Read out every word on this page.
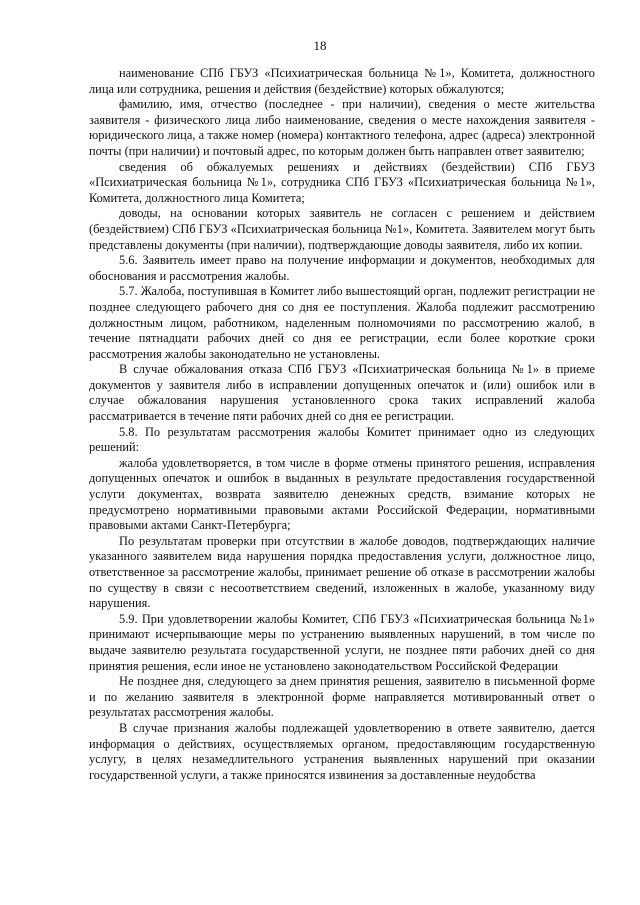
18

наименование СПб ГБУЗ «Психиатрическая больница №1», Комитета, должностного лица или сотрудника, решения и действия (бездействие) которых обжалуются;

фамилию, имя, отчество (последнее - при наличии), сведения о месте жительства заявителя - физического лица либо наименование, сведения о месте нахождения заявителя - юридического лица, а также номер (номера) контактного телефона, адрес (адреса) электронной почты (при наличии) и почтовый адрес, по которым должен быть направлен ответ заявителю;

сведения об обжалуемых решениях и действиях (бездействии) СПб ГБУЗ «Психиатрическая больница №1», сотрудника СПб ГБУЗ «Психиатрическая больница №1», Комитета, должностного лица Комитета;

доводы, на основании которых заявитель не согласен с решением и действием (бездействием) СПб ГБУЗ «Психиатрическая больница №1», Комитета. Заявителем могут быть представлены документы (при наличии), подтверждающие доводы заявителя, либо их копии.

5.6. Заявитель имеет право на получение информации и документов, необходимых для обоснования и рассмотрения жалобы.

5.7. Жалоба, поступившая в Комитет либо вышестоящий орган, подлежит регистрации не позднее следующего рабочего дня со дня ее поступления. Жалоба подлежит рассмотрению должностным лицом, работником, наделенным полномочиями по рассмотрению жалоб, в течение пятнадцати рабочих дней со дня ее регистрации, если более короткие сроки рассмотрения жалобы законодательно не установлены.

В случае обжалования отказа СПб ГБУЗ «Психиатрическая больница №1» в приеме документов у заявителя либо в исправлении допущенных опечаток и (или) ошибок или в случае обжалования нарушения установленного срока таких исправлений жалоба рассматривается в течение пяти рабочих дней со дня ее регистрации.

5.8. По результатам рассмотрения жалобы Комитет принимает одно из следующих решений:

жалоба удовлетворяется, в том числе в форме отмены принятого решения, исправления допущенных опечаток и ошибок в выданных в результате предоставления государственной услуги документах, возврата заявителю денежных средств, взимание которых не предусмотрено нормативными правовыми актами Российской Федерации, нормативными правовыми актами Санкт-Петербурга;

По результатам проверки при отсутствии в жалобе доводов, подтверждающих наличие указанного заявителем вида нарушения порядка предоставления услуги, должностное лицо, ответственное за рассмотрение жалобы, принимает решение об отказе в рассмотрении жалобы по существу в связи с несоответствием сведений, изложенных в жалобе, указанному виду нарушения.

5.9. При удовлетворении жалобы Комитет, СПб ГБУЗ «Психиатрическая больница №1» принимают исчерпывающие меры по устранению выявленных нарушений, в том числе по выдаче заявителю результата государственной услуги, не позднее пяти рабочих дней со дня принятия решения, если иное не установлено законодательством Российской Федерации

Не позднее дня, следующего за днем принятия решения, заявителю в письменной форме и по желанию заявителя в электронной форме направляется мотивированный ответ о результатах рассмотрения жалобы.

В случае признания жалобы подлежащей удовлетворению в ответе заявителю, дается информация о действиях, осуществляемых органом, предоставляющим государственную услугу, в целях незамедлительного устранения выявленных нарушений при оказании государственной услуги, а также приносятся извинения за доставленные неудобства
